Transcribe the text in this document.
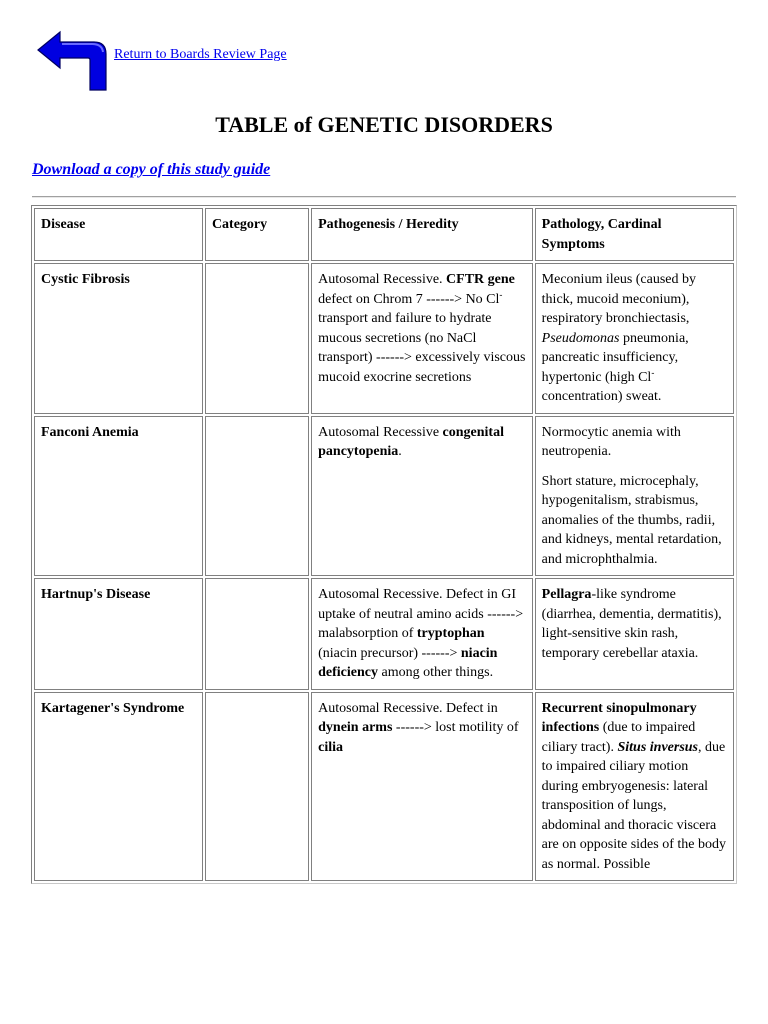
Return to Boards Review Page
TABLE of GENETIC DISORDERS
Download a copy of this study guide
Disease	Category	Pathogenesis / Heredity	Pathology, Cardinal Symptoms
Cystic Fibrosis		Autosomal Recessive. CFTR gene defect on Chrom 7 ------> No Cl- transport and failure to hydrate mucous secretions (no NaCl transport) ------> excessively viscous mucoid exocrine secretions	Meconium ileus (caused by thick, mucoid meconium), respiratory bronchiectasis, Pseudomonas pneumonia, pancreatic insufficiency, hypertonic (high Cl- concentration) sweat.

Fanconi Anemia		Autosomal Recessive congenital pancytopenia.	Normocytic anemia with neutropenia.

Short stature, microcephaly, hypogenitalism, strabismus, anomalies of the thumbs, radii, and kidneys, mental retardation, and microphthalmia.

Hartnup's Disease		Autosomal Recessive. Defect in GI uptake of neutral amino acids ------> malabsorption of tryptophan (niacin precursor) ------> niacin deficiency among other things.	Pellagra-like syndrome (diarrhea, dementia, dermatitis), light-sensitive skin rash, temporary cerebellar ataxia.

Kartagener's Syndrome		Autosomal Recessive. Defect in dynein arms ------> lost motility of cilia	Recurrent sinopulmonary infections (due to impaired ciliary tract). Situs inversus, due to impaired ciliary motion during embryogenesis: lateral transposition of lungs, abdominal and thoracic viscera are on opposite sides of the body as normal. Possible
